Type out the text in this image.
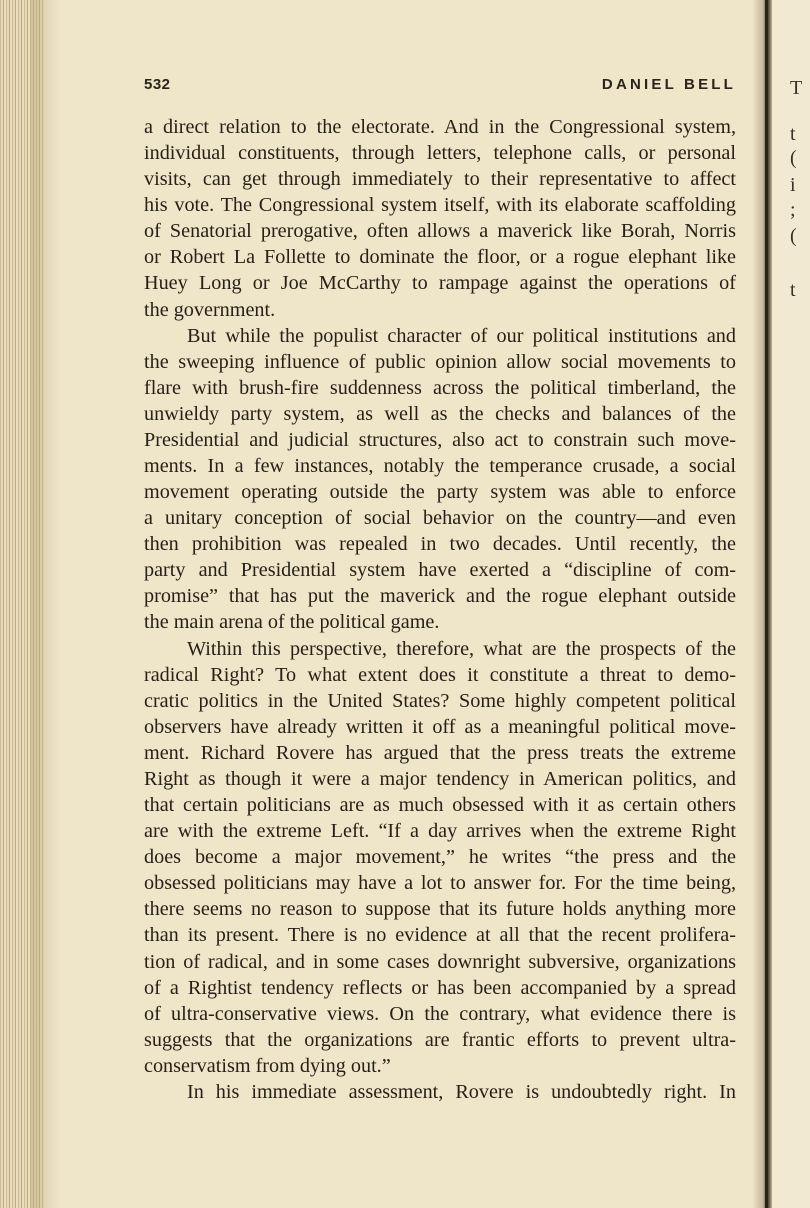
T
t
(
i
;
(
t
532	DANIEL BELL
a direct relation to the electorate. And in the Congressional system,
individual constituents, through letters, telephone calls, or personal
visits, can get through immediately to their representative to affect
his vote. The Congressional system itself, with its elaborate scaffolding
of Senatorial prerogative, often allows a maverick like Borah, Norris
or Robert La Follette to dominate the floor, or a rogue elephant like
Huey Long or Joe McCarthy to rampage against the operations of
the government.
But while the populist character of our political institutions and
the sweeping influence of public opinion allow social movements to
flare with brush-fire suddenness across the political timberland, the
unwieldy party system, as well as the checks and balances of the
Presidential and judicial structures, also act to constrain such move-
ments. In a few instances, notably the temperance crusade, a social
movement operating outside the party system was able to enforce
a unitary conception of social behavior on the country—and even
then prohibition was repealed in two decades. Until recently, the
party and Presidential system have exerted a “discipline of com-
promise” that has put the maverick and the rogue elephant outside
the main arena of the political game.
Within this perspective, therefore, what are the prospects of the
radical Right? To what extent does it constitute a threat to demo-
cratic politics in the United States? Some highly competent political
observers have already written it off as a meaningful political move-
ment. Richard Rovere has argued that the press treats the extreme
Right as though it were a major tendency in American politics, and
that certain politicians are as much obsessed with it as certain others
are with the extreme Left. “If a day arrives when the extreme Right
does become a major movement,” he writes “the press and the
obsessed politicians may have a lot to answer for. For the time being,
there seems no reason to suppose that its future holds anything more
than its present. There is no evidence at all that the recent prolifera-
tion of radical, and in some cases downright subversive, organizations
of a Rightist tendency reflects or has been accompanied by a spread
of ultra-conservative views. On the contrary, what evidence there is
suggests that the organizations are frantic efforts to prevent ultra-
conservatism from dying out.”
In his immediate assessment, Rovere is undoubtedly right. In
